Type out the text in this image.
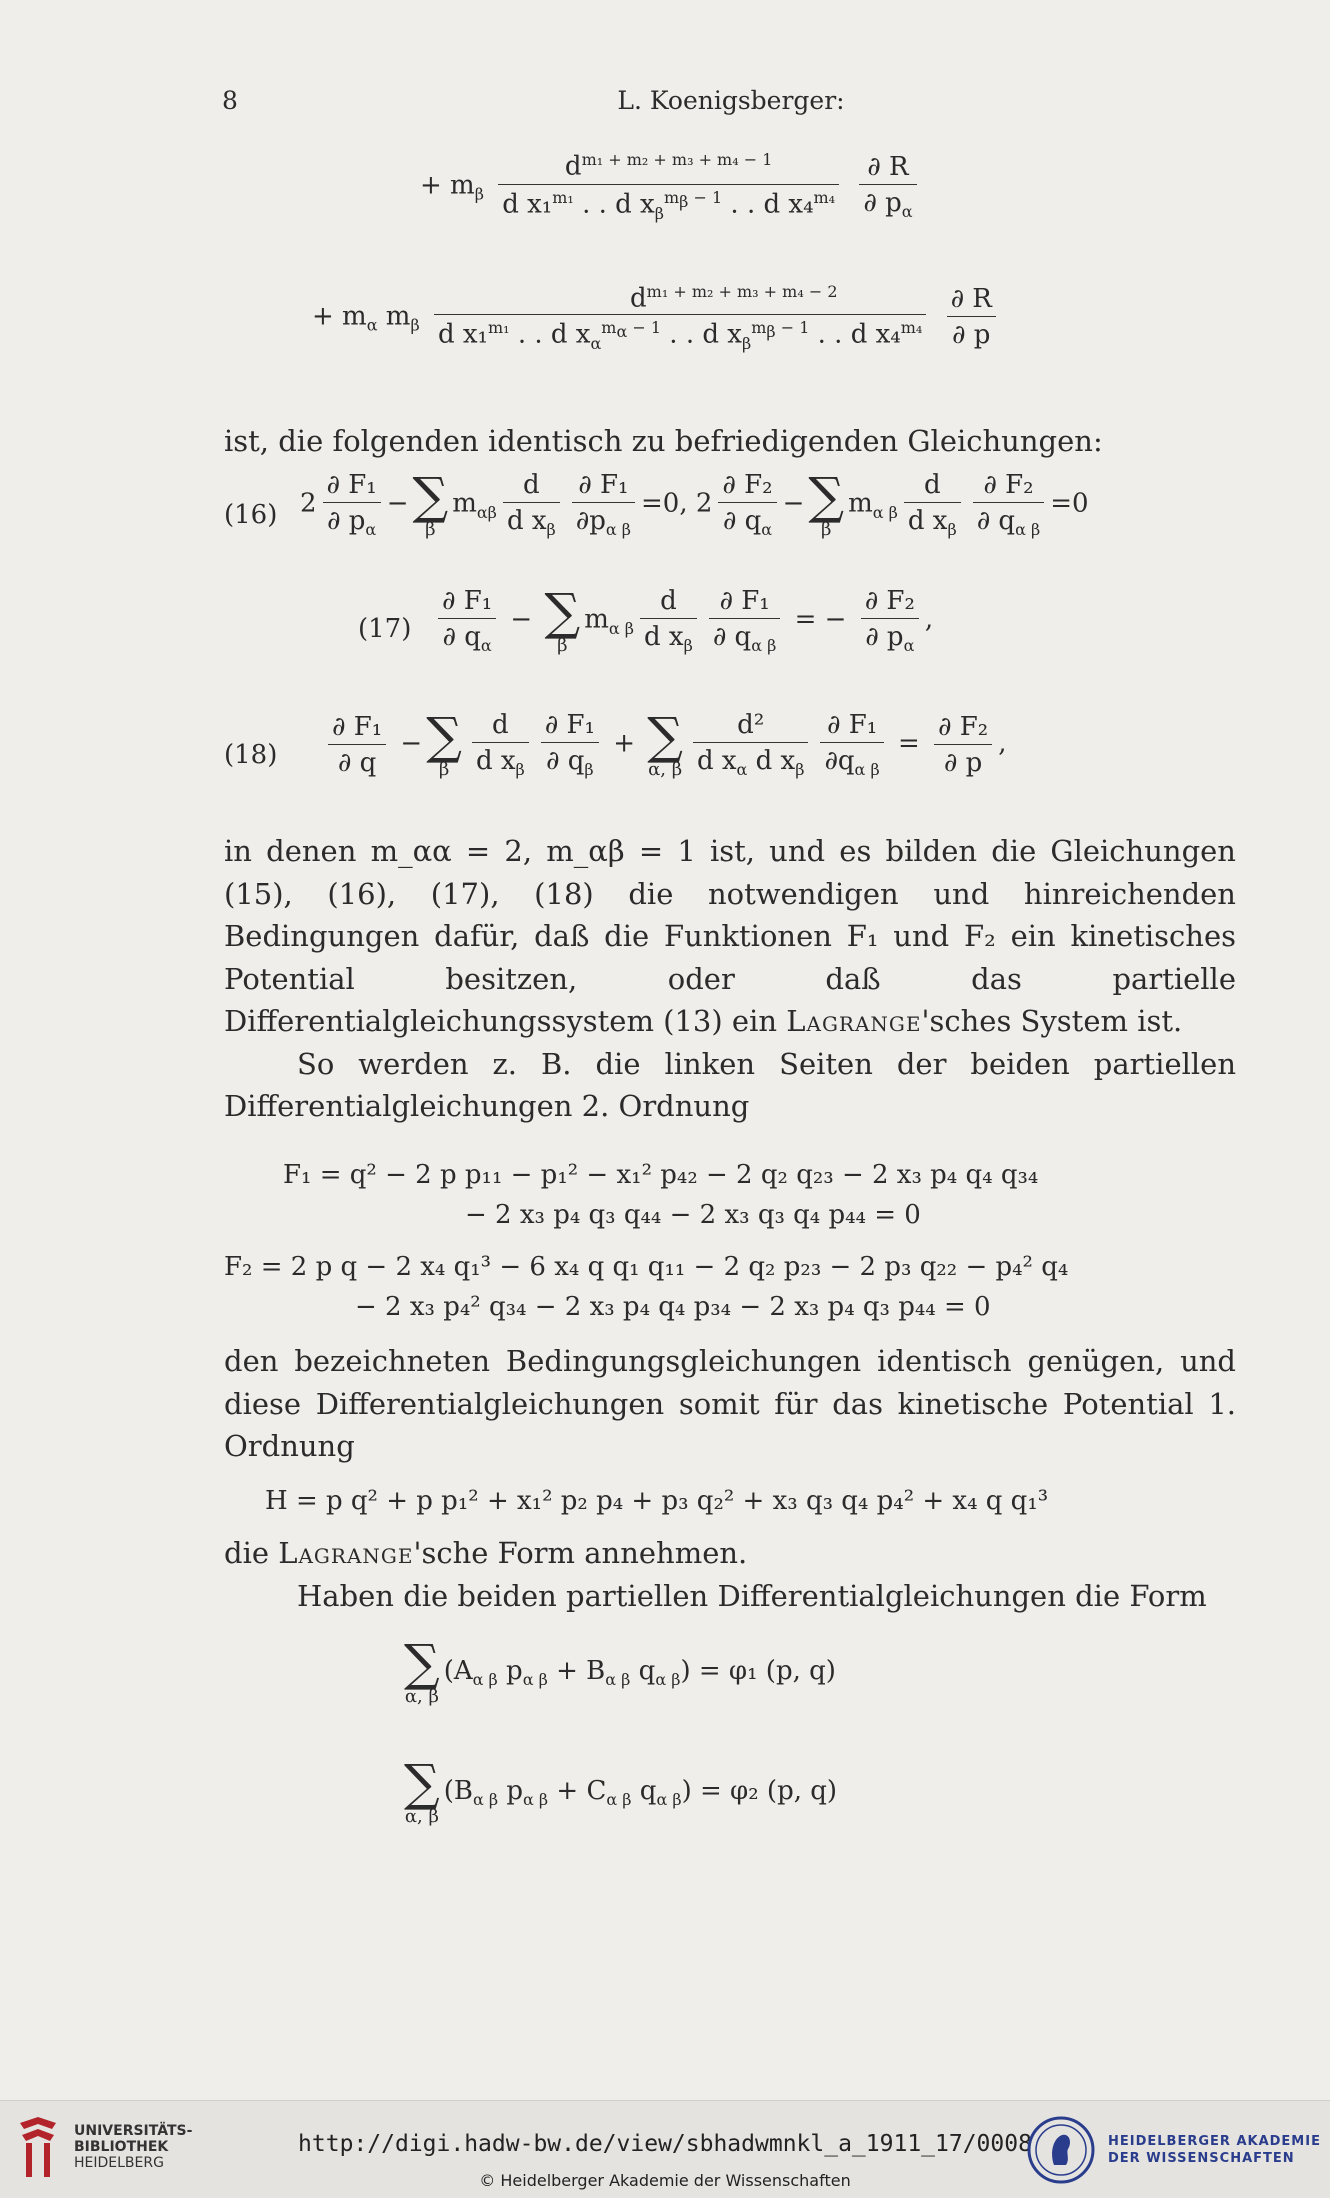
8	L. Koenigsberger:
+ $m_\beta \frac{d^{m_1 + m_2 + m_3 + m_4 - 1}}{d x_1^{m_1} . . d x_\beta^{m_\beta - 1} . . d x_4^{m_4}}$
$\frac{\partial R}{\partial p_\alpha}$
+ $m_\alpha$ $m_\beta$
d x₁$^{m_1}$ . . d $x_\alpha^{m_\alpha - 1}$ . . d $x_\beta^{m_\beta - 1}$ . . d x₄$^{m_4}$
$\frac{\partial R}{\partial p}$
$d^{m_1 + m_2 + m_3 + m_4 - 2}$

ist, die folgenden identisch zu befriedigenden Gleichungen:

(16) $2 \frac{\text{∂ F₁}}{\partial p_\alpha}$ − ∑
β
$m_{\alpha\beta} \frac{d}{d x_\beta} \frac{\text{∂ F₁}}{\partial p_{\alpha \beta}} =0$, $2 \frac{\text{∂ F₂}}{\partial q_\alpha}$ − ∑
β
$m_{\alpha \beta} \frac{d}{d x_\beta} \frac{\text{∂ F₂}}{\partial q_{\alpha \beta}} =0$
$(17) \frac{\text{∂ F₁}}{\partial q_\alpha}$ − ∑
β
$m_{\alpha \beta} \frac{d}{d x_\beta} \frac{\text{∂ F₁}}{\partial q_{\alpha \beta}}$ = − $\frac{\text{∂ F₂}}{\partial p_\alpha}$ ,
$(18) \frac{\text{∂ F₁}}{\partial q}$ − ∑
β $\frac{d}{d x_\beta} \frac{\text{∂ F₁}}{\partial q_\beta}$ + ∑
α, β $\frac{\text{d²}}{d x_\alpha d x_\beta} \frac{\text{∂ F₁}}{\partial q_{\alpha \beta}} = \frac{\text{∂ F₂}}{\partial p}$ ,

in denen m_αα = 2, m_αβ = 1 ist, und es bilden die Gleichungen (15), (16), (17), (18) die notwendigen und hinreichenden Bedingungen dafür, daß die Funktionen F₁ und F₂ ein kinetisches Potential besitzen, oder daß das partielle Differentialgleichungssystem (13) ein Lagrange'sches System ist.

So werden z. B. die linken Seiten der beiden partiellen Differentialgleichungen 2. Ordnung

F₁ = q² − 2 p p₁₁ − p₁² − x₁² p₄₂ − 2 q₂ q₂₃ − 2 x₃ p₄ q₄ q₃₄
− 2 x₃ p₄ q₃ q₄₄ − 2 x₃ q₃ q₄ p₄₄ = 0
F₂ = 2 p q − 2 x₄ q₁³ − 6 x₄ q q₁ q₁₁ − 2 q₂ p₂₃ − 2 p₃ q₂₂ − p₄² q₄
− 2 x₃ p₄² q₃₄ − 2 x₃ p₄ q₄ p₃₄ − 2 x₃ p₄ q₃ p₄₄ = 0

den bezeichneten Bedingungsgleichungen identisch genügen, und diese Differentialgleichungen somit für das kinetische Potential 1. Ordnung

H = p q² + p p₁² + x₁² p₂ p₄ + p₃ q₂² + x₃ q₃ q₄ p₄² + x₄ q q₁³

die Lagrange'sche Form annehmen.

Haben die beiden partiellen Differentialgleichungen die Form

∑
α, β
($A_{\alpha \beta}$ $p_{\alpha \beta} + B_{\alpha \beta}$ $q_{\alpha \beta}) = \varphi_1$ (p, q)
∑
α, β
($B_{\alpha \beta}$ $p_{\alpha \beta} + C_{\alpha \beta}$ $q_{\alpha \beta}) = \varphi_2$ (p, q)
UNIVERSITÄTS-
BIBLIOTHEK
HEIDELBERG
http://digi.hadw-bw.de/view/sbhadwmnkl_a_1911_17/0008
© Heidelberger Akademie der Wissenschaften
HEIDELBERGER AKADEMIE
DER WISSENSCHAFTEN
